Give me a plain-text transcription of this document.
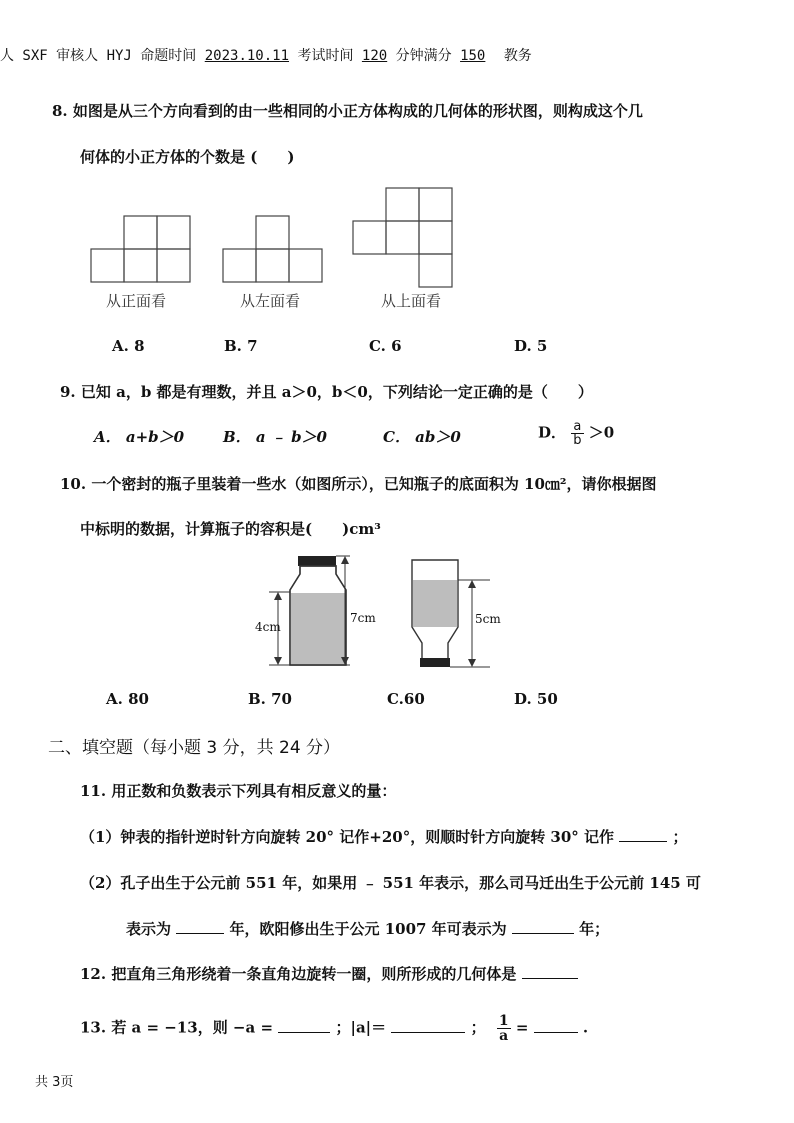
人 SXF 审核人 HYJ 命题时间 2023.10.11 考试时间 120 分钟满分 150 教务
8. 如图是从三个方向看到的由一些相同的小正方体构成的几何体的形状图，则构成这个几
何体的小正方体的个数是 (　　)
从正面看	从左面看	从上面看
A. 8	B. 7	C. 6	D. 5
9. 已知 a，b 都是有理数，并且 a＞0，b＜0，下列结论一定正确的是（　　）
A． a+b＞0	B． a ﹣ b＞0	C． ab＞0	D． $\frac{a}{b} >0$
10. 一个密封的瓶子里装着一些水（如图所示），已知瓶子的底面积为 10㎝²，请你根据图
中标明的数据，计算瓶子的容积是(　　)cm³
4cm
7cm	5cm
A. 80	B. 70	C.60	D. 50
二、填空题（每小题 3 分，共 24 分）
11. 用正数和负数表示下列具有相反意义的量：
（1）钟表的指针逆时针方向旋转 20° 记作+20°，则顺时针方向旋转 30° 记作	；
（2）孔子出生于公元前 551 年，如果用 ﹣ 551 年表示，那么司马迁出生于公元前 145 可
表示为	年，欧阳修出生于公元 1007 年可表示为	年；
12. 把直角三角形绕着一条直角边旋转一圈，则所形成的几何体是
13. 若 a = −13，则 −a =	；|a|＝	； $\frac{1}{a}$ =	.
共 3页
